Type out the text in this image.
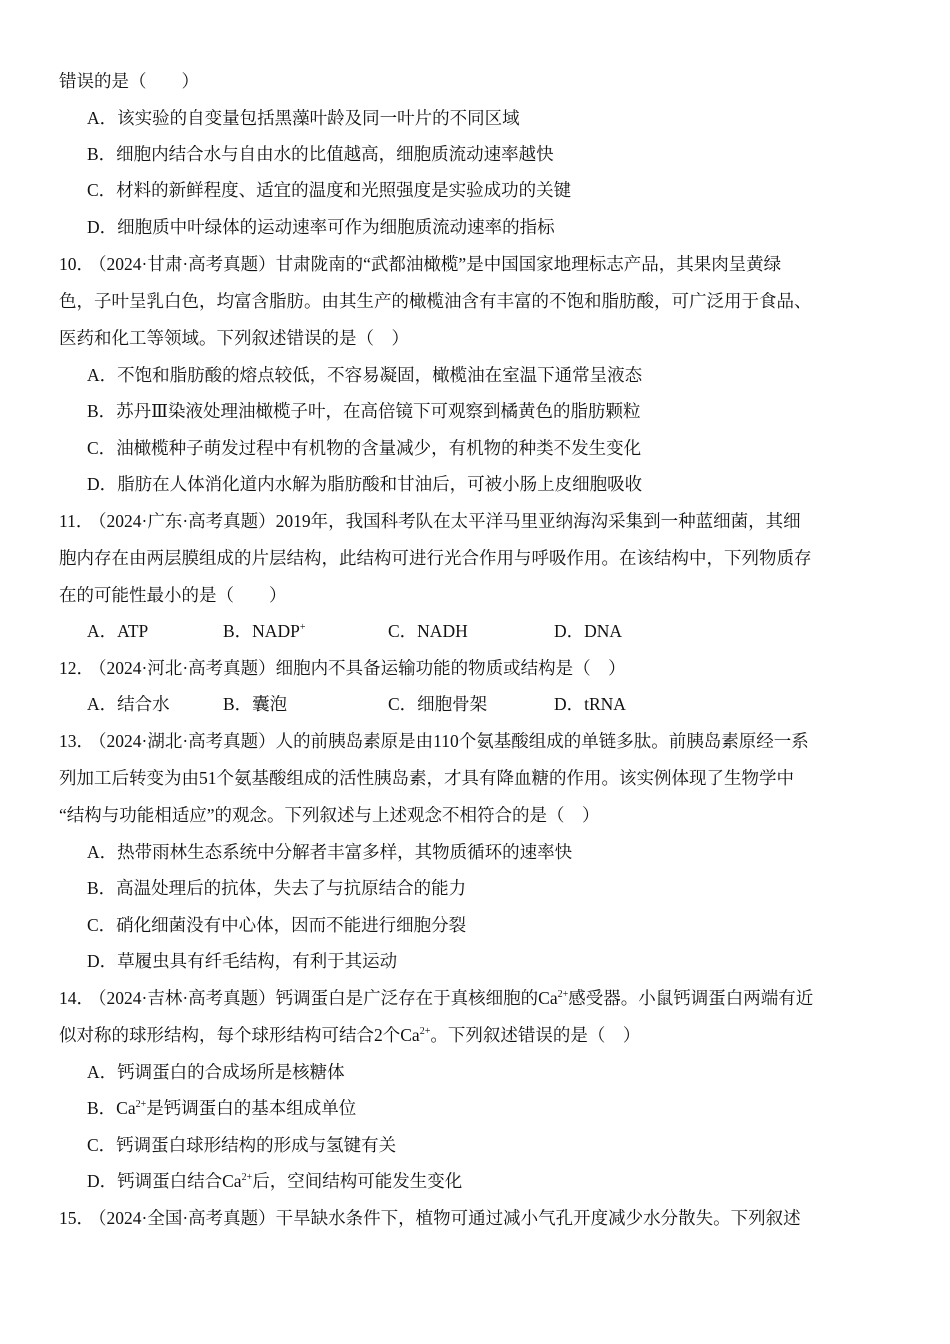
错误的是（　　）
A．该实验的自变量包括黑藻叶龄及同一叶片的不同区域
B．细胞内结合水与自由水的比值越高，细胞质流动速率越快
C．材料的新鲜程度、适宜的温度和光照强度是实验成功的关键
D．细胞质中叶绿体的运动速率可作为细胞质流动速率的指标
10．（2024·甘肃·高考真题）甘肃陇南的“武都油橄榄”是中国国家地理标志产品，其果肉呈黄绿
色，子叶呈乳白色，均富含脂肪。由其生产的橄榄油含有丰富的不饱和脂肪酸，可广泛用于食品、
医药和化工等领域。下列叙述错误的是（　）
A．不饱和脂肪酸的熔点较低，不容易凝固，橄榄油在室温下通常呈液态
B．苏丹Ⅲ染液处理油橄榄子叶，在高倍镜下可观察到橘黄色的脂肪颗粒
C．油橄榄种子萌发过程中有机物的含量减少，有机物的种类不发生变化
D．脂肪在人体消化道内水解为脂肪酸和甘油后，可被小肠上皮细胞吸收
11．（2024·广东·高考真题）2019年，我国科考队在太平洋马里亚纳海沟采集到一种蓝细菌，其细
胞内存在由两层膜组成的片层结构，此结构可进行光合作用与呼吸作用。在该结构中，下列物质存
在的可能性最小的是（　　）
A．ATP	B．NADP+	C．NADH	D．DNA
12．（2024·河北·高考真题）细胞内不具备运输功能的物质或结构是（　）
A．结合水	B．囊泡	C．细胞骨架	D．tRNA
13．（2024·湖北·高考真题）人的前胰岛素原是由110个氨基酸组成的单链多肽。前胰岛素原经一系
列加工后转变为由51个氨基酸组成的活性胰岛素，才具有降血糖的作用。该实例体现了生物学中
“结构与功能相适应”的观念。下列叙述与上述观念不相符合的是（　）
A．热带雨林生态系统中分解者丰富多样，其物质循环的速率快
B．高温处理后的抗体，失去了与抗原结合的能力
C．硝化细菌没有中心体，因而不能进行细胞分裂
D．草履虫具有纤毛结构，有利于其运动
14．（2024·吉林·高考真题）钙调蛋白是广泛存在于真核细胞的$Ca^{2+}$感受器。小鼠钙调蛋白两端有近
似对称的球形结构，每个球形结构可结合2个$Ca^{2+}$。下列叙述错误的是（　）
A．钙调蛋白的合成场所是核糖体
B．$Ca^{2+}$是钙调蛋白的基本组成单位
C．钙调蛋白球形结构的形成与氢键有关
D．钙调蛋白结合$Ca^{2+}$后，空间结构可能发生变化
15．（2024·全国·高考真题）干旱缺水条件下，植物可通过减小气孔开度减少水分散失。下列叙述
